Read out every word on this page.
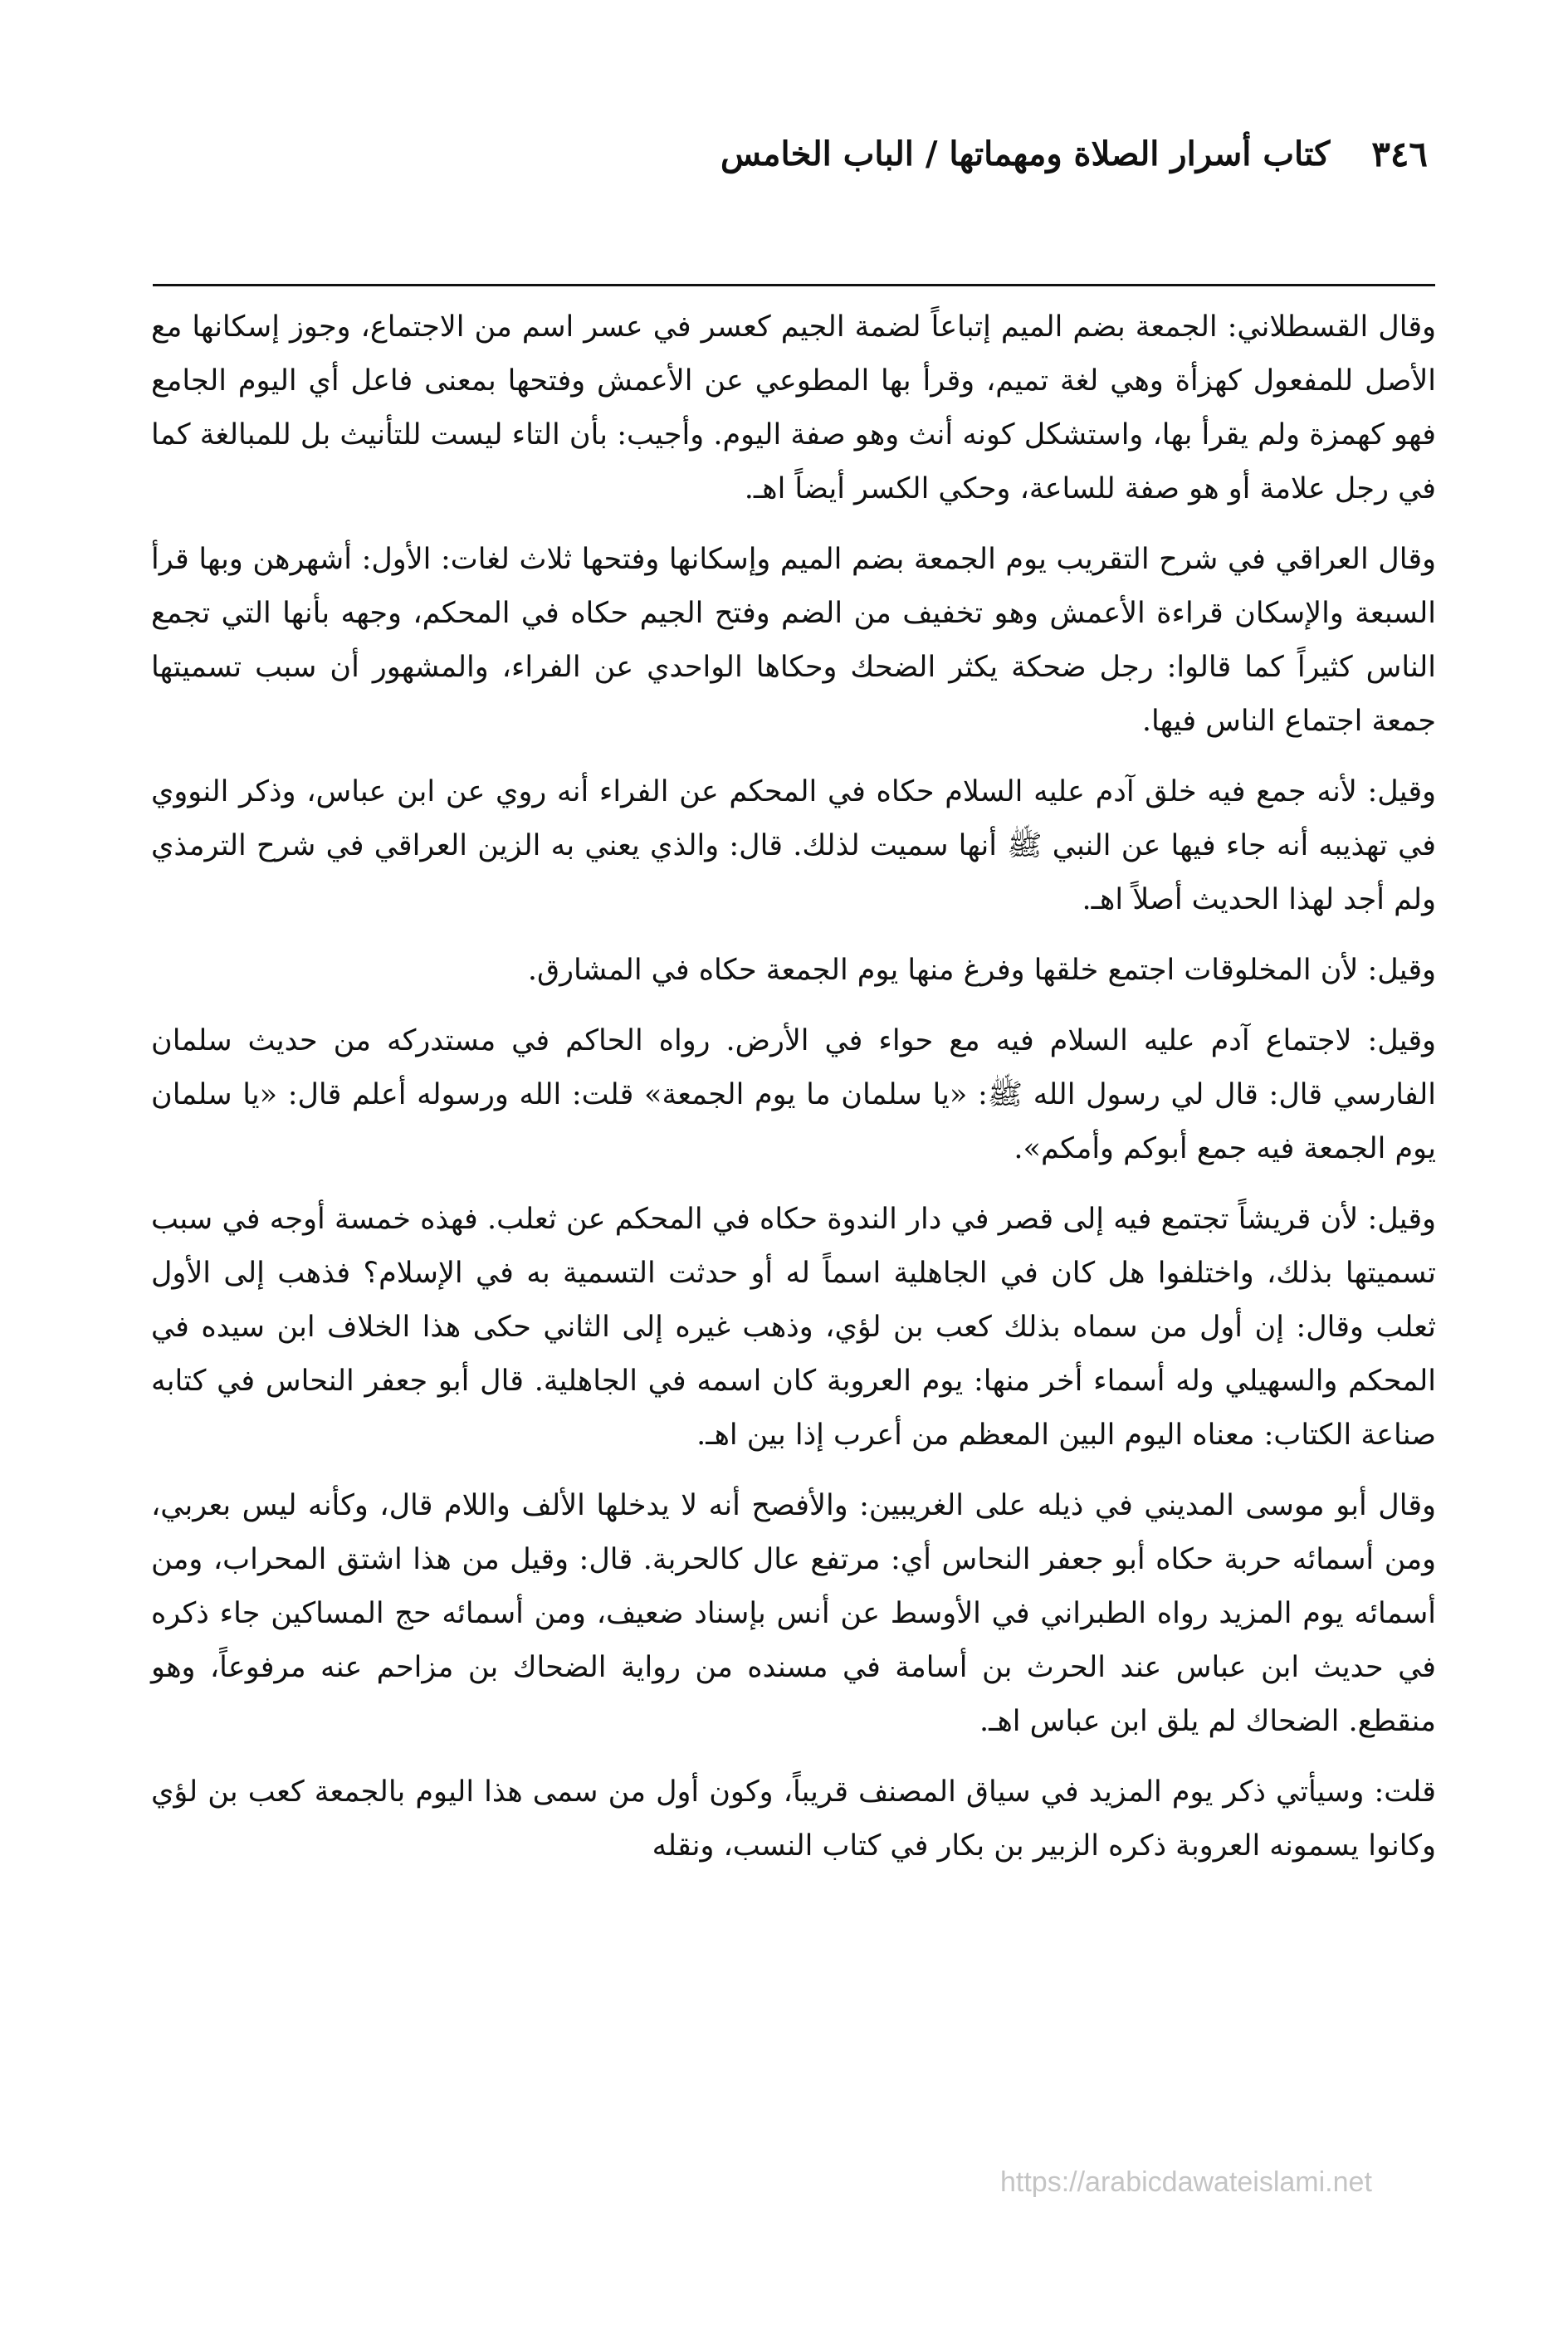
٣٤٦
كتاب أسرار الصلاة ومهماتها / الباب الخامس

وقال القسطلاني: الجمعة بضم الميم إتباعاً لضمة الجيم كعسر في عسر اسم من الاجتماع، وجوز إسكانها مع الأصل للمفعول كهزأة وهي لغة تميم، وقرأ بها المطوعي عن الأعمش وفتحها بمعنى فاعل أي اليوم الجامع فهو كهمزة ولم يقرأ بها، واستشكل كونه أنث وهو صفة اليوم. وأجيب: بأن التاء ليست للتأنيث بل للمبالغة كما في رجل علامة أو هو صفة للساعة، وحكي الكسر أيضاً اهـ.

وقال العراقي في شرح التقريب يوم الجمعة بضم الميم وإسكانها وفتحها ثلاث لغات: الأول: أشهرهن وبها قرأ السبعة والإسكان قراءة الأعمش وهو تخفيف من الضم وفتح الجيم حكاه في المحكم، وجهه بأنها التي تجمع الناس كثيراً كما قالوا: رجل ضحكة يكثر الضحك وحكاها الواحدي عن الفراء، والمشهور أن سبب تسميتها جمعة اجتماع الناس فيها.

وقيل: لأنه جمع فيه خلق آدم عليه السلام حكاه في المحكم عن الفراء أنه روي عن ابن عباس، وذكر النووي في تهذيبه أنه جاء فيها عن النبي ﷺ أنها سميت لذلك. قال: والذي يعني به الزين العراقي في شرح الترمذي ولم أجد لهذا الحديث أصلاً اهـ.

وقيل: لأن المخلوقات اجتمع خلقها وفرغ منها يوم الجمعة حكاه في المشارق.

وقيل: لاجتماع آدم عليه السلام فيه مع حواء في الأرض. رواه الحاكم في مستدركه من حديث سلمان الفارسي قال: قال لي رسول الله ﷺ: «يا سلمان ما يوم الجمعة» قلت: الله ورسوله أعلم قال: «يا سلمان يوم الجمعة فيه جمع أبوكم وأمكم».

وقيل: لأن قريشاً تجتمع فيه إلى قصر في دار الندوة حكاه في المحكم عن ثعلب. فهذه خمسة أوجه في سبب تسميتها بذلك، واختلفوا هل كان في الجاهلية اسماً له أو حدثت التسمية به في الإسلام؟ فذهب إلى الأول ثعلب وقال: إن أول من سماه بذلك كعب بن لؤي، وذهب غيره إلى الثاني حكى هذا الخلاف ابن سيده في المحكم والسهيلي وله أسماء أخر منها: يوم العروبة كان اسمه في الجاهلية. قال أبو جعفر النحاس في كتابه صناعة الكتاب: معناه اليوم البين المعظم من أعرب إذا بين اهـ.

وقال أبو موسى المديني في ذيله على الغريبين: والأفصح أنه لا يدخلها الألف واللام قال، وكأنه ليس بعربي، ومن أسمائه حربة حكاه أبو جعفر النحاس أي: مرتفع عال كالحربة. قال: وقيل من هذا اشتق المحراب، ومن أسمائه يوم المزيد رواه الطبراني في الأوسط عن أنس بإسناد ضعيف، ومن أسمائه حج المساكين جاء ذكره في حديث ابن عباس عند الحرث بن أسامة في مسنده من رواية الضحاك بن مزاحم عنه مرفوعاً، وهو منقطع. الضحاك لم يلق ابن عباس اهـ.

قلت: وسيأتي ذكر يوم المزيد في سياق المصنف قريباً، وكون أول من سمى هذا اليوم بالجمعة كعب بن لؤي وكانوا يسمونه العروبة ذكره الزبير بن بكار في كتاب النسب، ونقله

https://arabicdawateislami.net
